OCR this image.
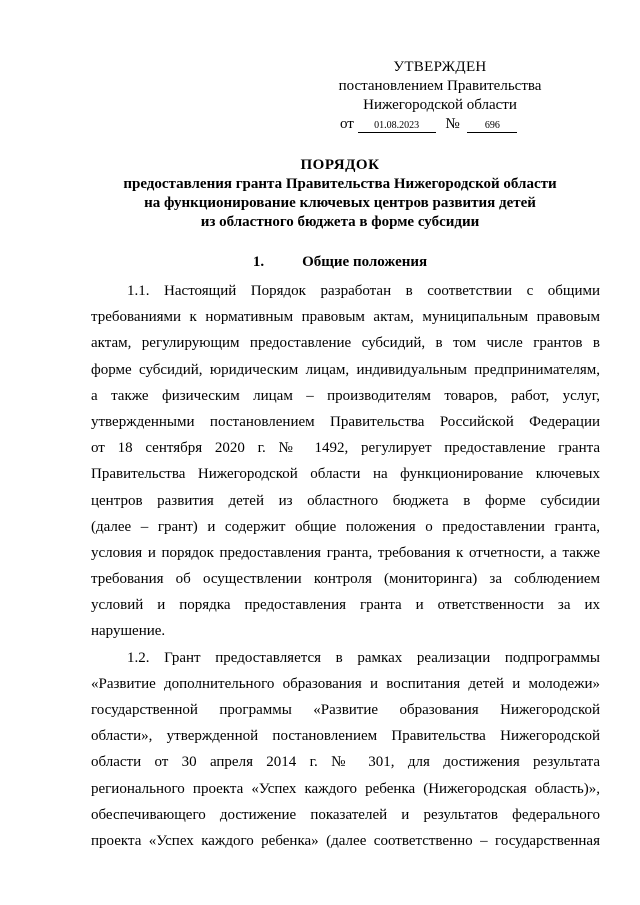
УТВЕРЖДЕН
постановлением Правительства
Нижегородской области
от 01.08.2023 №	696
ПОРЯДОК
предоставления гранта Правительства Нижегородской области
на функционирование ключевых центров развития детей
из областного бюджета в форме субсидии
1.	Общие положения
1.1. Настоящий Порядок разработан в соответствии с общими
требованиями к нормативным правовым актам, муниципальным правовым
актам, регулирующим предоставление субсидий, в том числе грантов в
форме субсидий, юридическим лицам, индивидуальным предпринимателям,
а также физическим лицам – производителям товаров, работ, услуг,
утвержденными постановлением Правительства Российской Федерации
от 18 сентября 2020 г. № 1492, регулирует предоставление гранта
Правительства Нижегородской области на функционирование ключевых
центров развития детей из областного бюджета в форме субсидии
(далее – грант) и содержит общие положения о предоставлении гранта,
условия и порядок предоставления гранта, требования к отчетности, а также
требования об осуществлении контроля (мониторинга) за соблюдением
условий и порядка предоставления гранта и ответственности за их
нарушение.
1.2. Грант предоставляется в рамках реализации подпрограммы
«Развитие дополнительного образования и воспитания детей и молодежи»
государственной программы «Развитие образования Нижегородской
области», утвержденной постановлением Правительства Нижегородской
области от 30 апреля 2014 г. № 301, для достижения результата
регионального проекта «Успех каждого ребенка (Нижегородская область)»,
обеспечивающего достижение показателей и результатов федерального
проекта «Успех каждого ребенка» (далее соответственно – государственная
